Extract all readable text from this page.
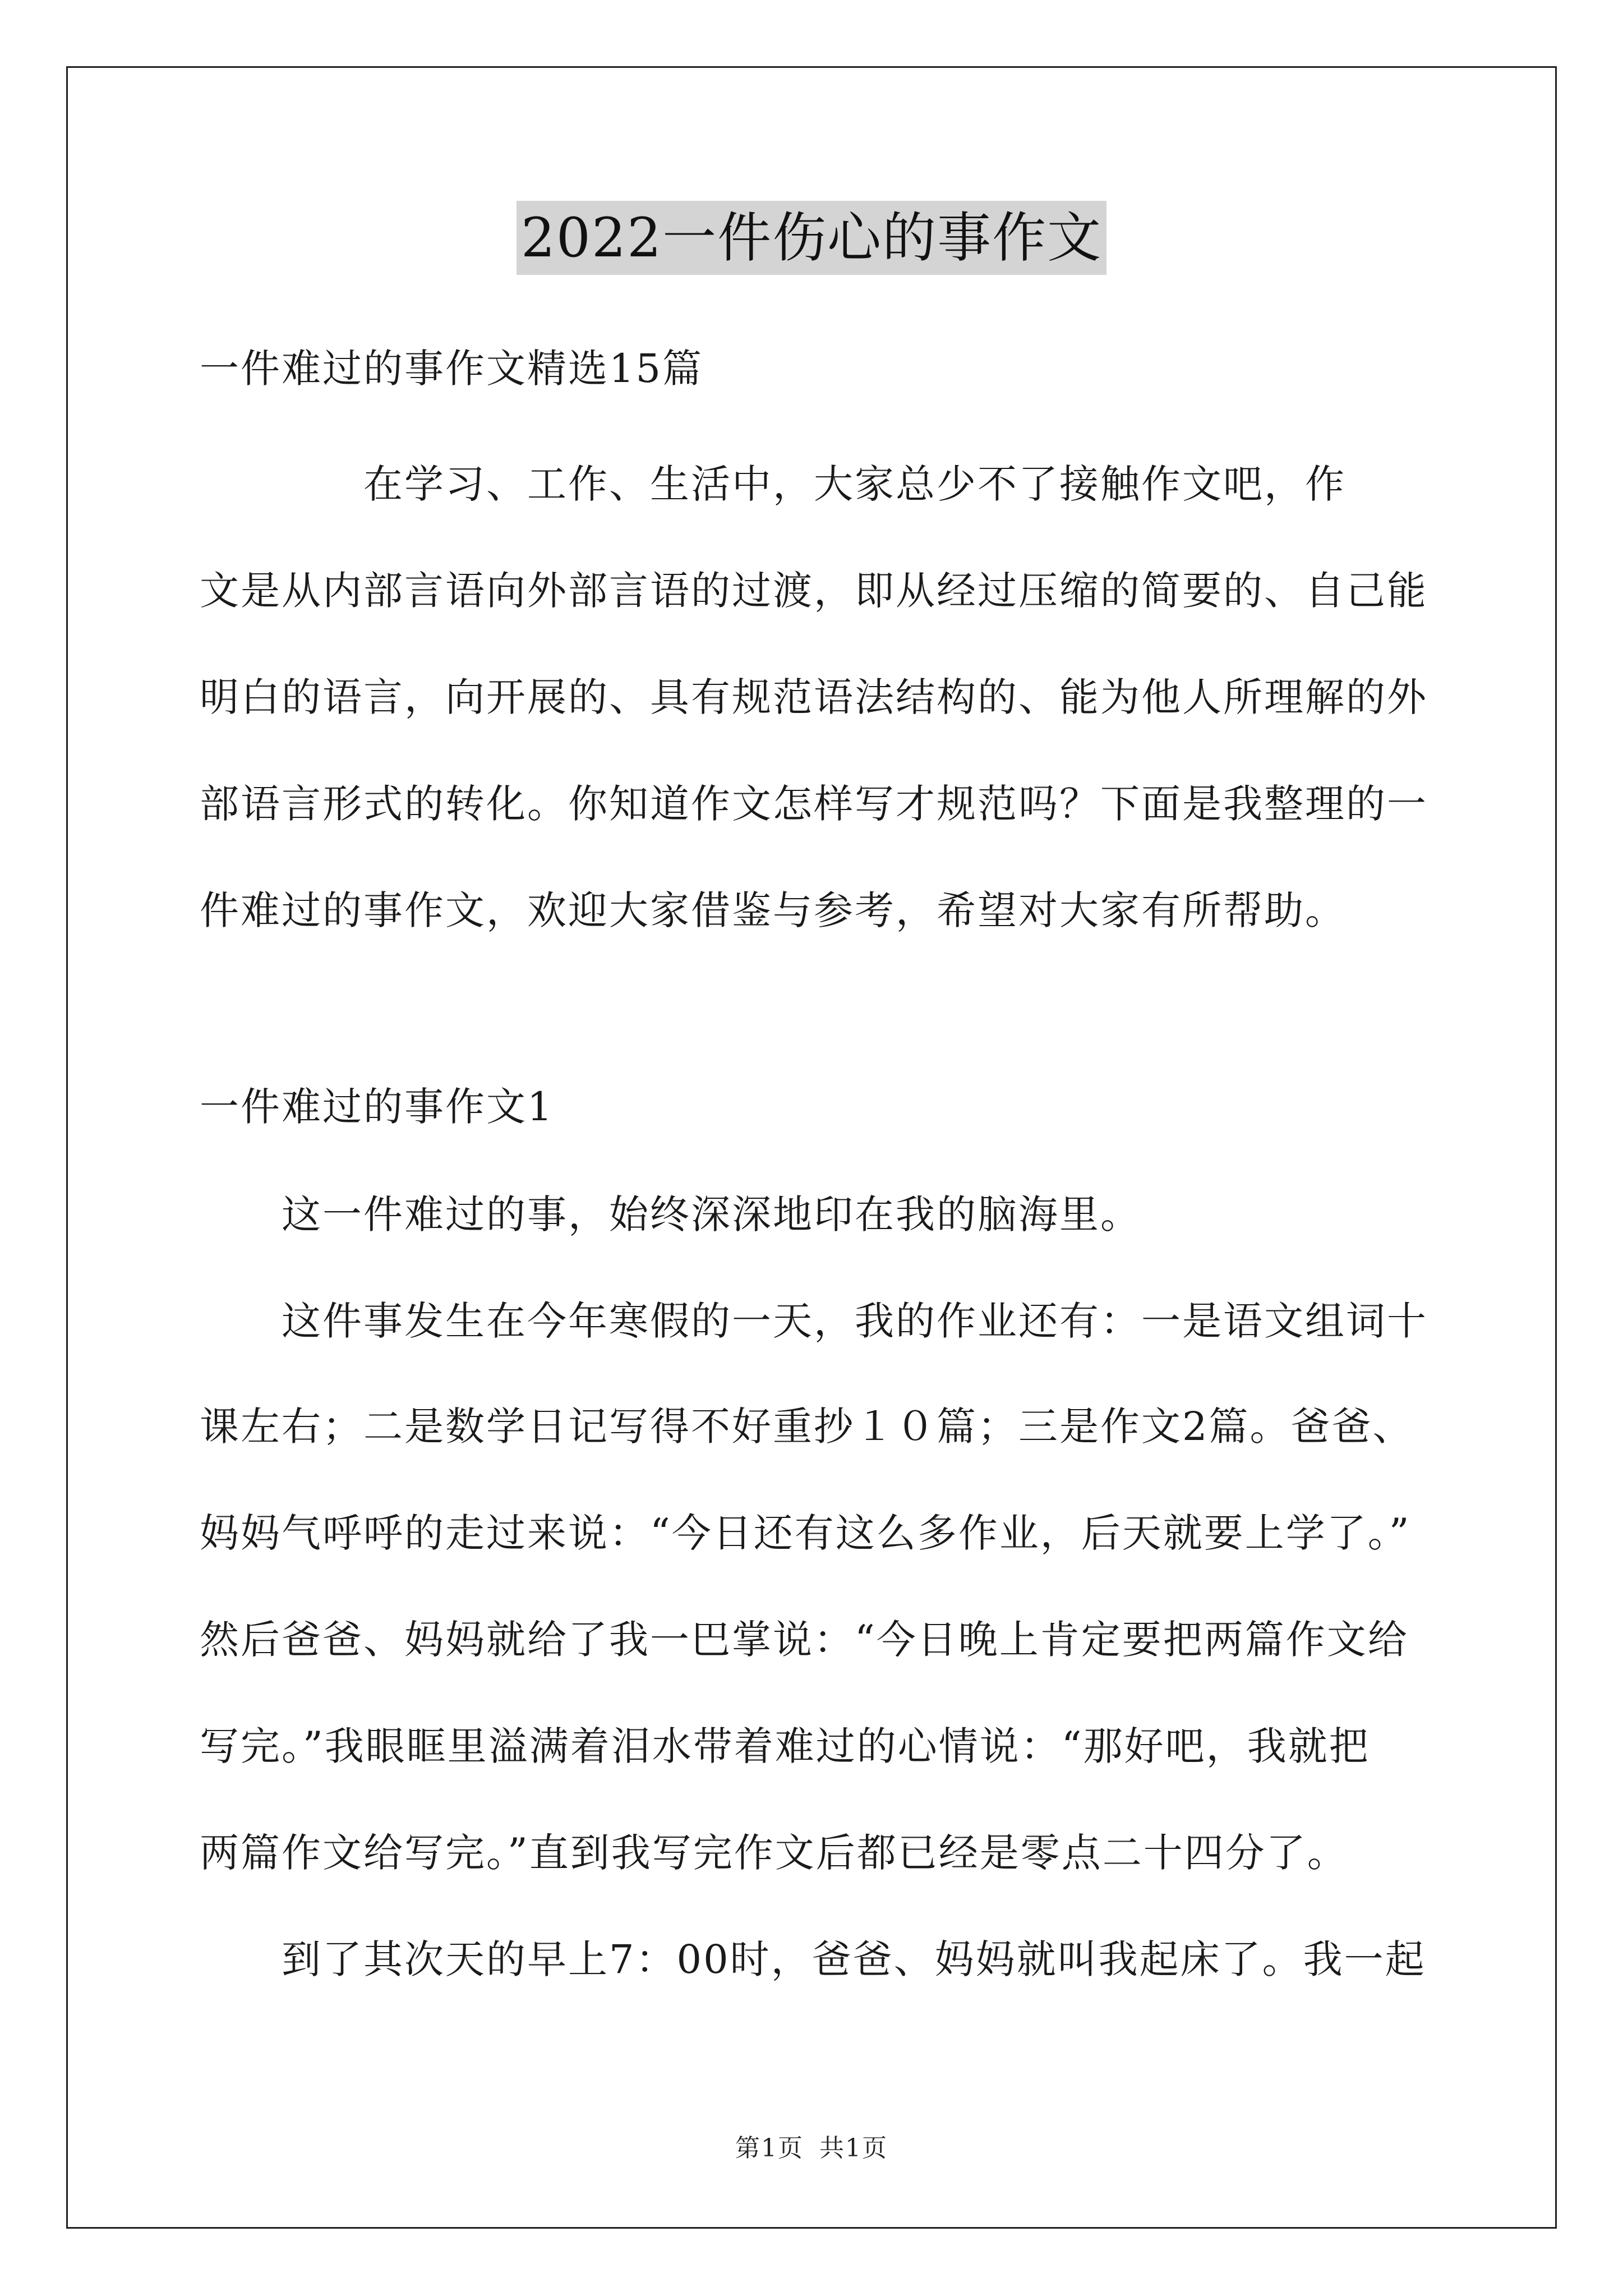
2022一件伤心的事作文
一件难过的事作文精选15篇
　　　　在学习、工作、生活中，大家总少不了接触作文吧，作
文是从内部言语向外部言语的过渡，即从经过压缩的简要的、自己能
明白的语言，向开展的、具有规范语法结构的、能为他人所理解的外
部语言形式的转化。你知道作文怎样写才规范吗？下面是我整理的一
件难过的事作文，欢迎大家借鉴与参考，希望对大家有所帮助。
一件难过的事作文1
　　这一件难过的事，始终深深地印在我的脑海里。
　　这件事发生在今年寒假的一天，我的作业还有：一是语文组词十
课左右；二是数学日记写得不好重抄１０篇；三是作文2篇。爸爸、
妈妈气呼呼的走过来说：“今日还有这么多作业，后天就要上学了。”
然后爸爸、妈妈就给了我一巴掌说：“今日晚上肯定要把两篇作文给
写完。”我眼眶里溢满着泪水带着难过的心情说：“那好吧，我就把
两篇作文给写完。”直到我写完作文后都已经是零点二十四分了。
　　到了其次天的早上7：00时，爸爸、妈妈就叫我起床了。我一起
第1页 共1页
